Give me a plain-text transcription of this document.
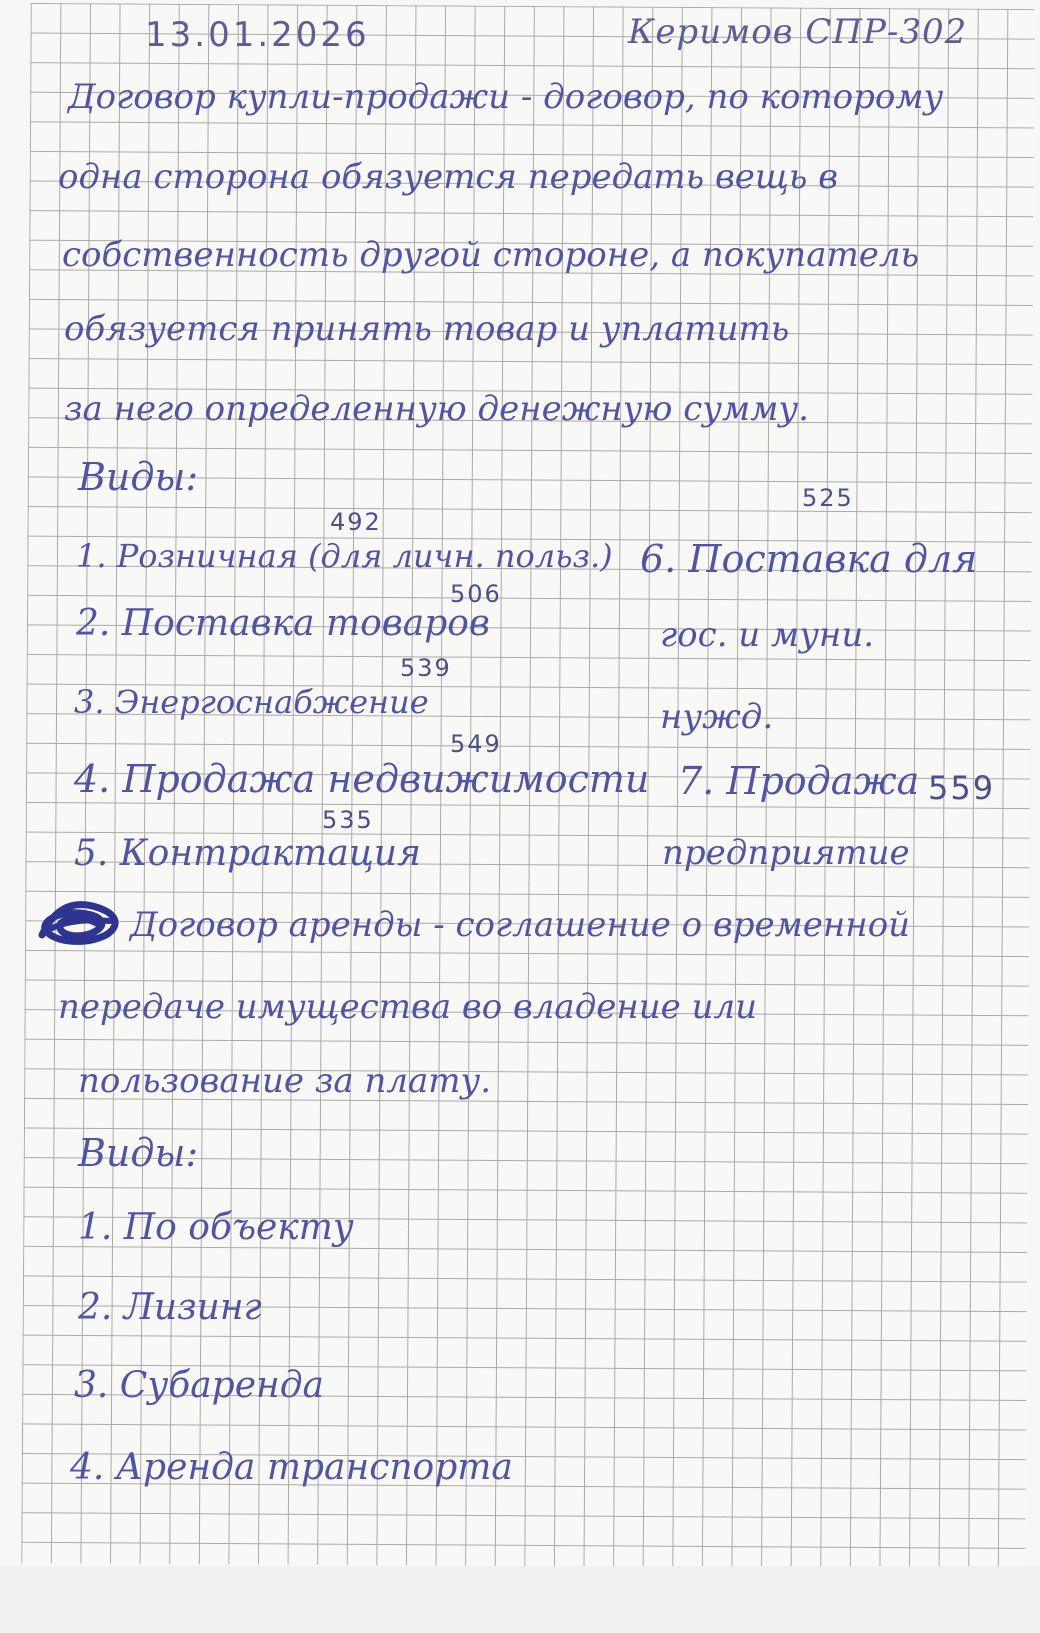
13.01.2026	Керимов СПР-302
Договор купли-продажи - договор, по которому
одна сторона обязуется передать вещь в
собственность другой стороне, а покупатель
обязуется принять товар и уплатить
за него определенную денежную сумму.
Виды:
492
1. Розничная (для личн. польз.)
506
2. Поставка товаров
539
3. Энергоснабжение
549
4. Продажа недвижимости
535
5. Контрактация
525
6. Поставка для
гос. и муни.
нужд.
7. Продажа 559
предприятие
Договор аренды - соглашение о временной
передаче имущества во владение или
пользование за плату.
Виды:
1. По объекту
2. Лизинг
3. Субаренда
4. Аренда транспорта
